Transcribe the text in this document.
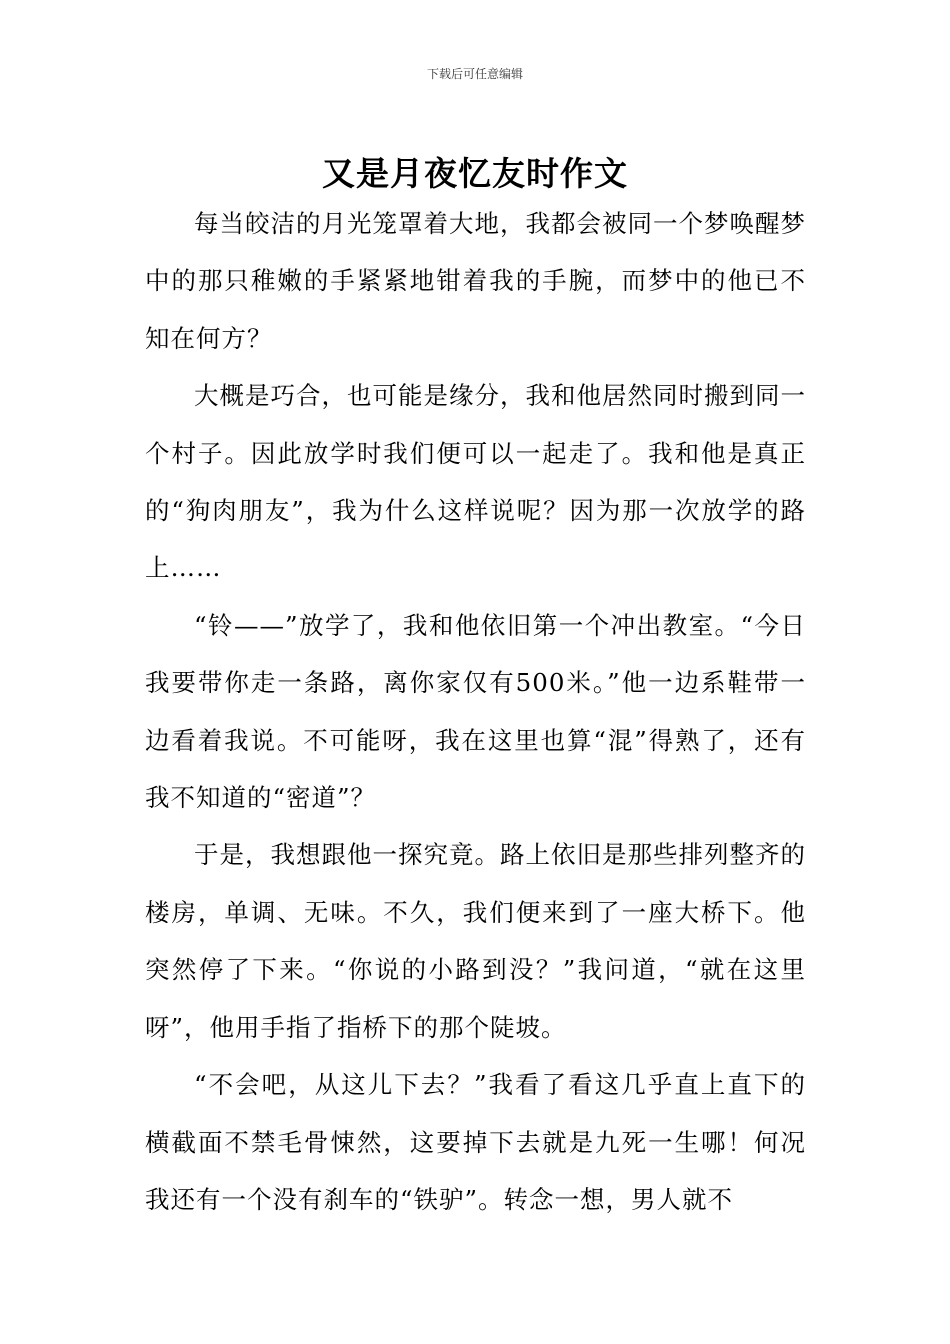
下载后可任意编辑
又是月夜忆友时作文

每当皎洁的月光笼罩着大地，我都会被同一个梦唤醒梦中的那只稚嫩的手紧紧地钳着我的手腕，而梦中的他已不知在何方？

大概是巧合，也可能是缘分，我和他居然同时搬到同一个村子。因此放学时我们便可以一起走了。我和他是真正的“狗肉朋友”，我为什么这样说呢？因为那一次放学的路上……

“铃——”放学了，我和他依旧第一个冲出教室。“今日我要带你走一条路，离你家仅有500米。”他一边系鞋带一边看着我说。不可能呀，我在这里也算“混”得熟了，还有我不知道的“密道”？

于是，我想跟他一探究竟。路上依旧是那些排列整齐的楼房，单调、无味。不久，我们便来到了一座大桥下。他突然停了下来。“你说的小路到没？”我问道，“就在这里呀”，他用手指了指桥下的那个陡坡。

“不会吧，从这儿下去？”我看了看这几乎直上直下的横截面不禁毛骨悚然，这要掉下去就是九死一生哪！何况我还有一个没有刹车的“铁驴”。转念一想，男人就不
